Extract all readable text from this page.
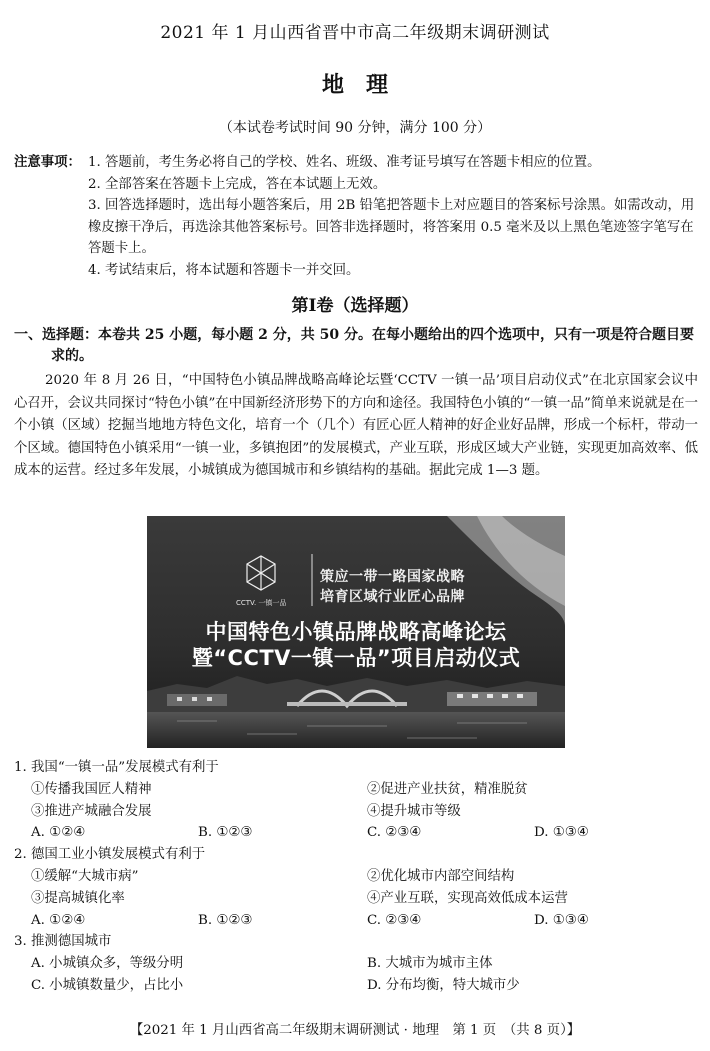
2021 年 1 月山西省晋中市高二年级期末调研测试
地理
（本试卷考试时间 90 分钟，满分 100 分）
注意事项： 1. 答题前，考生务必将自己的学校、姓名、班级、准考证号填写在答题卡相应的位置。
2. 全部答案在答题卡上完成，答在本试题上无效。
3. 回答选择题时，选出每小题答案后，用 2B 铅笔把答题卡上对应题目的答案标号涂黑。如需改动，用橡皮擦干净后，再选涂其他答案标号。回答非选择题时，将答案用 0.5 毫米及以上黑色笔迹签字笔写在答题卡上。
4. 考试结束后，将本试题和答题卡一并交回。
第Ⅰ卷（选择题）
一、选择题：本卷共 25 小题，每小题 2 分，共 50 分。在每小题给出的四个选项中，只有一项是符合题目要
求的。
2020 年 8 月 26 日，“中国特色小镇品牌战略高峰论坛暨‘CCTV 一镇一品’项目启动仪式”在北京国家会议中心召开，会议共同探讨“特色小镇”在中国新经济形势下的方向和途径。我国特色小镇的“一镇一品”简单来说就是在一个小镇（区域）挖掘当地地方特色文化，培育一个（几个）有匠心匠人精神的好企业好品牌，形成一个标杆，带动一个区域。德国特色小镇采用“一镇一业，多镇抱团”的发展模式，产业互联，形成区域大产业链，实现更加高效率、低成本的运营。经过多年发展，小城镇成为德国城市和乡镇结构的基础。据此完成 1—3 题。
CCTV. 一镇一品
策应一带一路国家战略
培育区域行业匠心品牌
中国特色小镇品牌战略高峰论坛
暨“CCTV一镇一品”项目启动仪式
1. 我国“一镇一品”发展模式有利于
①传播我国匠人精神	②促进产业扶贫，精准脱贫
③推进产城融合发展	④提升城市等级
A. ①②④	B. ①②③	C. ②③④	D. ①③④
2. 德国工业小镇发展模式有利于
①缓解“大城市病”	②优化城市内部空间结构
③提高城镇化率	④产业互联，实现高效低成本运营
A. ①②④	B. ①②③	C. ②③④	D. ①③④
3. 推测德国城市
A. 小城镇众多，等级分明	B. 大城市为城市主体
C. 小城镇数量少，占比小	D. 分布均衡，特大城市少
【2021 年 1 月山西省高二年级期末调研测试 · 地理　第 1 页　（共 8 页）】
